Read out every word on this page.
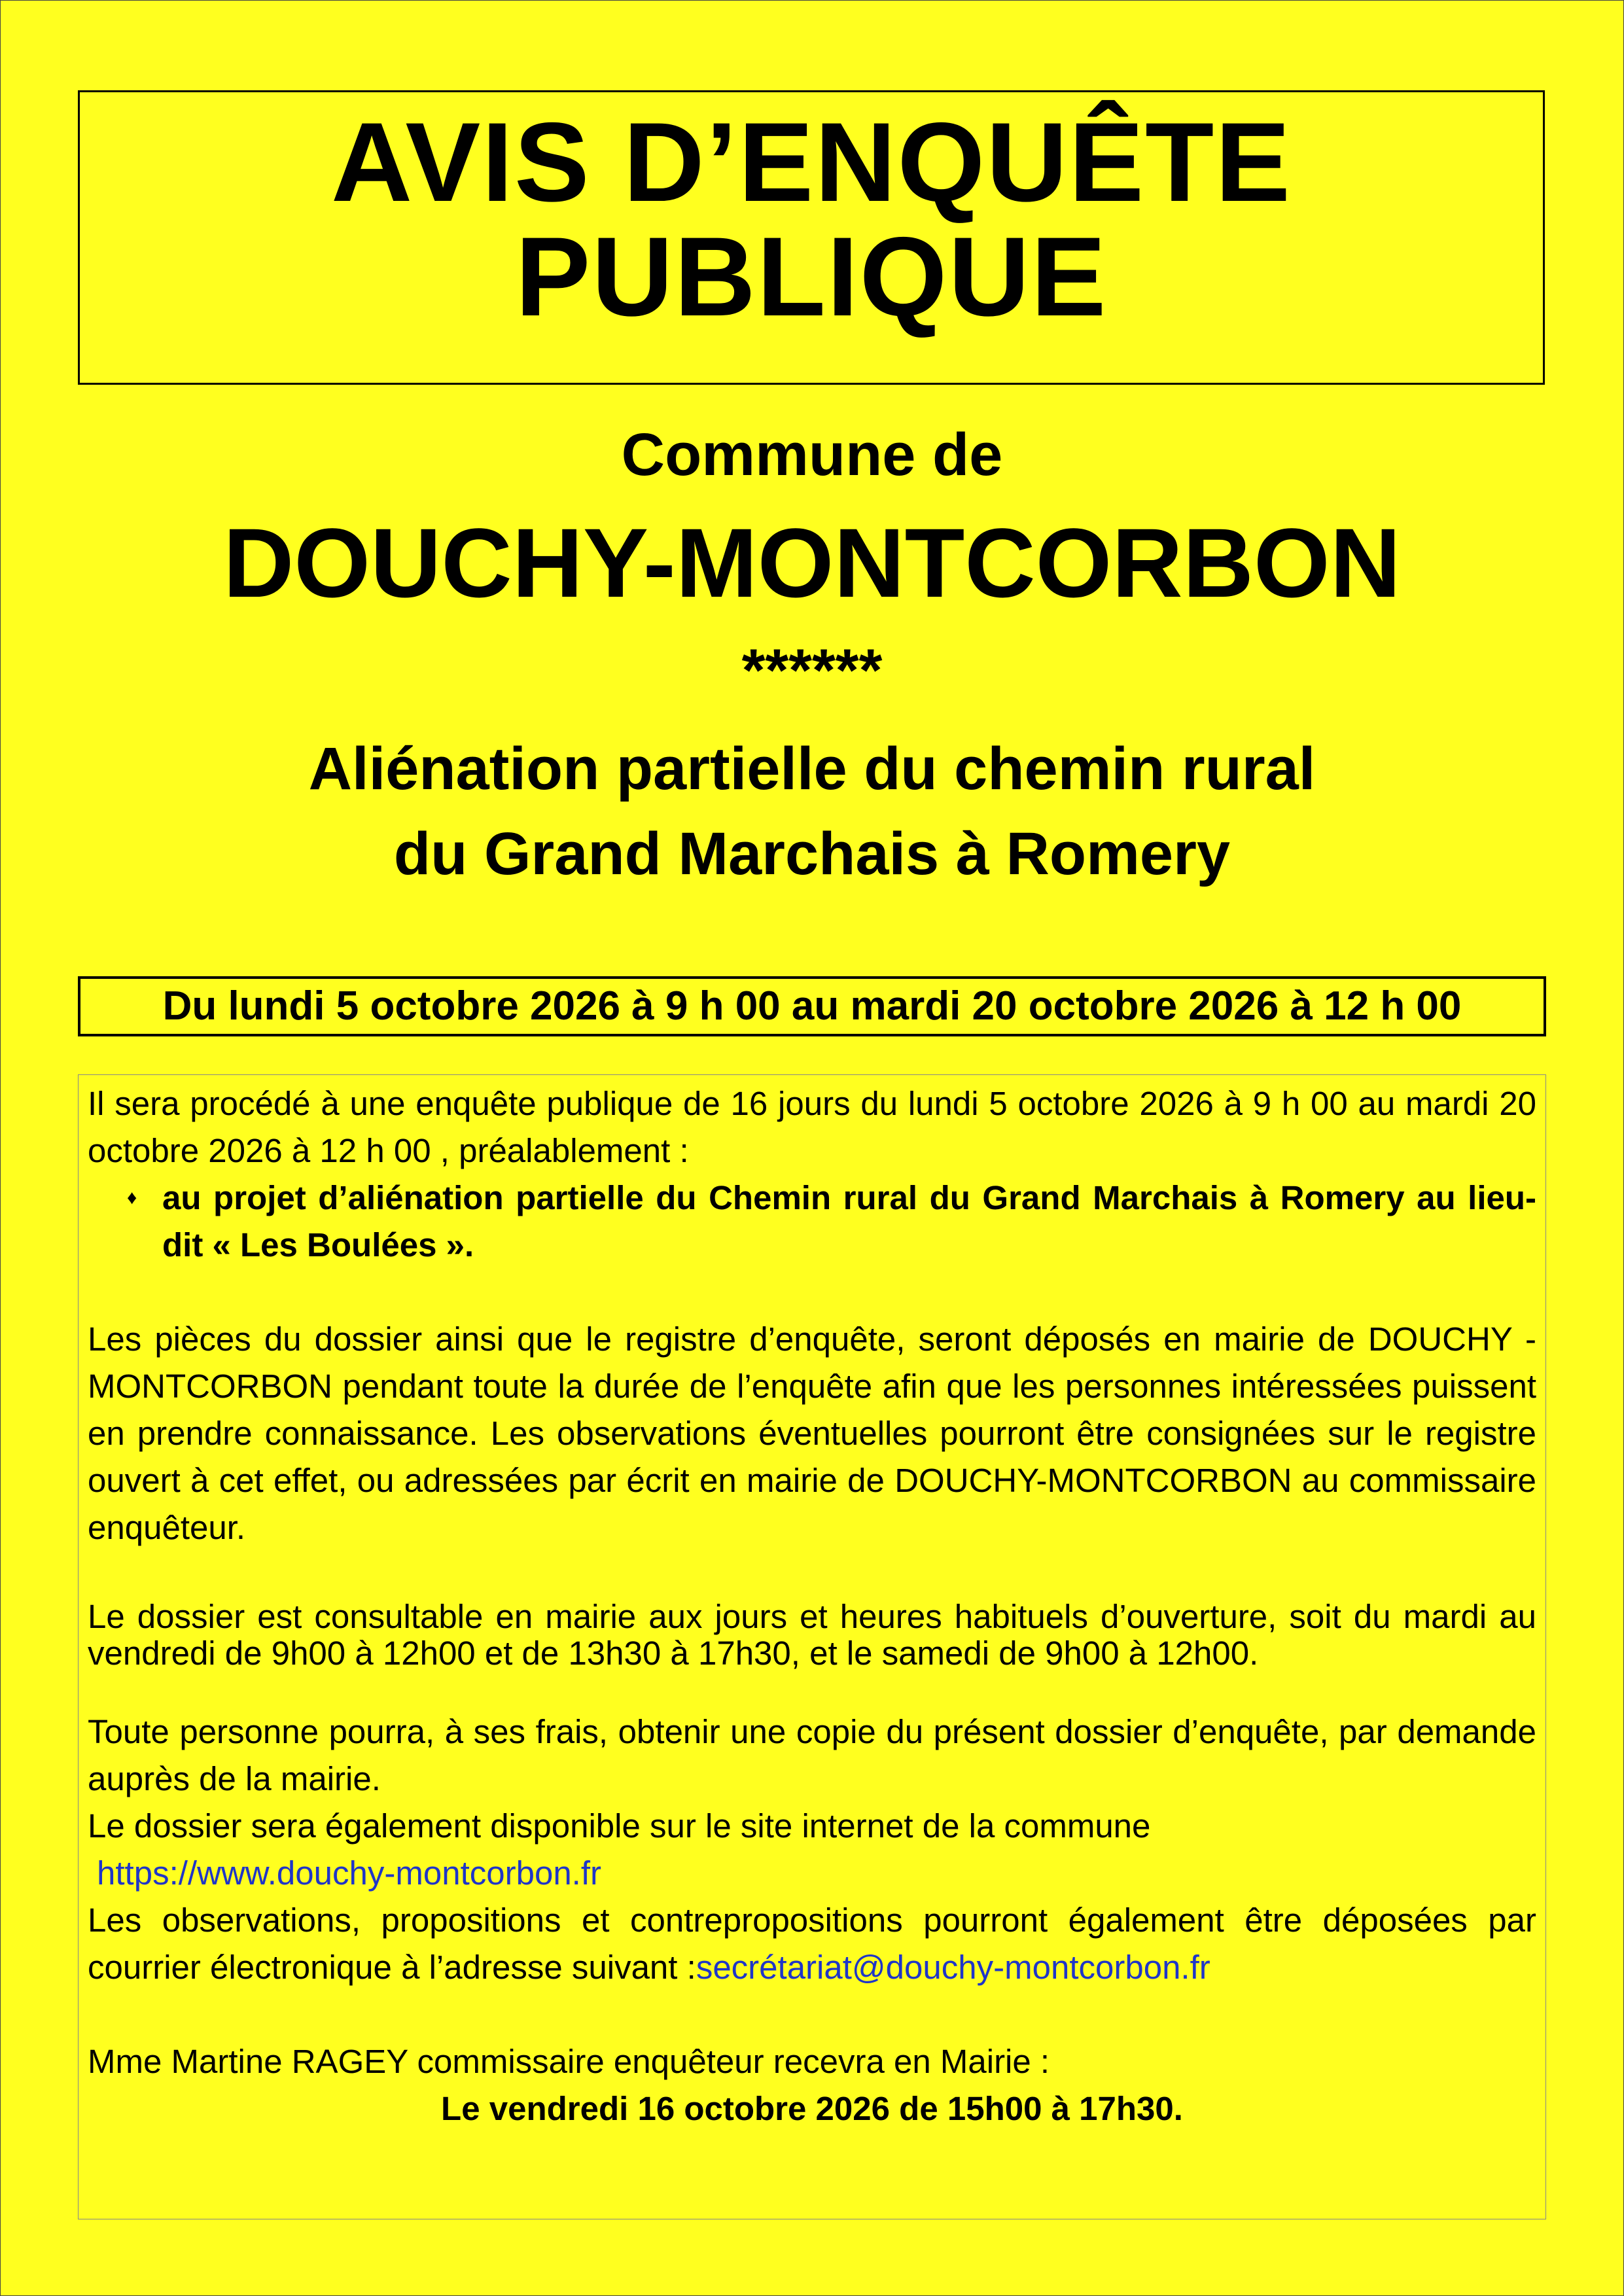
AVIS D’ENQUÊTE
PUBLIQUE
Commune de
DOUCHY-MONTCORBON
******
Aliénation partielle du chemin rural
du Grand Marchais à Romery
Du lundi 5 octobre 2026 à 9 h 00 au mardi 20 octobre 2026 à 12 h 00

Il sera procédé à une enquête publique de 16 jours du lundi 5 octobre 2026 à 9 h 00 au mardi 20 octobre 2026 à 12 h 00 , préalablement :

♦ au projet d’aliénation partielle du Chemin rural du Grand Marchais à Romery au lieu-dit « Les Boulées ».

Les pièces du dossier ainsi que le registre d’enquête, seront déposés en mairie de DOUCHY -MONTCORBON pendant toute la durée de l’enquête afin que les personnes intéressées puissent en prendre connaissance. Les observations éventuelles pourront être consignées sur le registre ouvert à cet effet, ou adressées par écrit en mairie de DOUCHY-MONTCORBON au commissaire enquêteur.

Le dossier est consultable en mairie aux jours et heures habituels d’ouverture, soit du mardi au vendredi de 9h00 à 12h00 et de 13h30 à 17h30, et le samedi de 9h00 à 12h00.

Toute personne pourra, à ses frais, obtenir une copie du présent dossier d’enquête, par demande auprès de la mairie.

Le dossier sera également disponible sur le site internet de la commune

https://www.douchy-montcorbon.fr

Les observations, propositions et contrepropositions pourront également être déposées par courrier électronique à l’adresse suivant :secrétariat@douchy-montcorbon.fr

Mme Martine RAGEY commissaire enquêteur recevra en Mairie :

Le vendredi 16 octobre 2026 de 15h00 à 17h30.
